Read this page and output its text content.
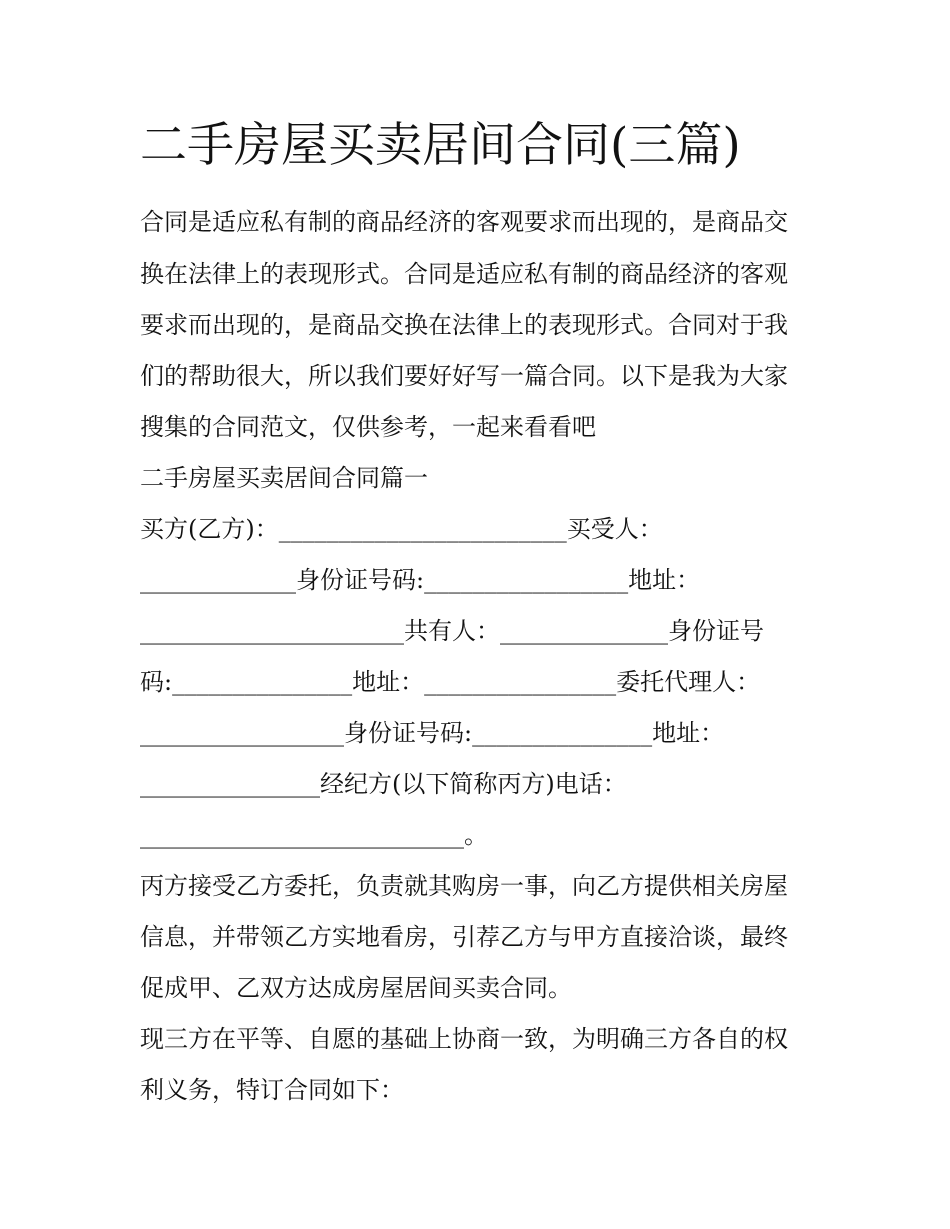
二手房屋买卖居间合同(三篇)
合同是适应私有制的商品经济的客观要求而出现的，是商品交
换在法律上的表现形式。合同是适应私有制的商品经济的客观
要求而出现的，是商品交换在法律上的表现形式。合同对于我
们的帮助很大，所以我们要好好写一篇合同。以下是我为大家
搜集的合同范文，仅供参考，一起来看看吧
二手房屋买卖居间合同篇一
买方(乙方)：________________________买受人：
_____________身份证号码:_________________地址：
______________________共有人：______________身份证号
码:_______________地址：________________委托代理人：
_________________身份证号码:_______________地址：
_______________经纪方(以下简称丙方)电话：
___________________________。
丙方接受乙方委托，负责就其购房一事，向乙方提供相关房屋
信息，并带领乙方实地看房，引荐乙方与甲方直接洽谈，最终
促成甲、乙双方达成房屋居间买卖合同。
现三方在平等、自愿的基础上协商一致，为明确三方各自的权
利义务，特订合同如下：
